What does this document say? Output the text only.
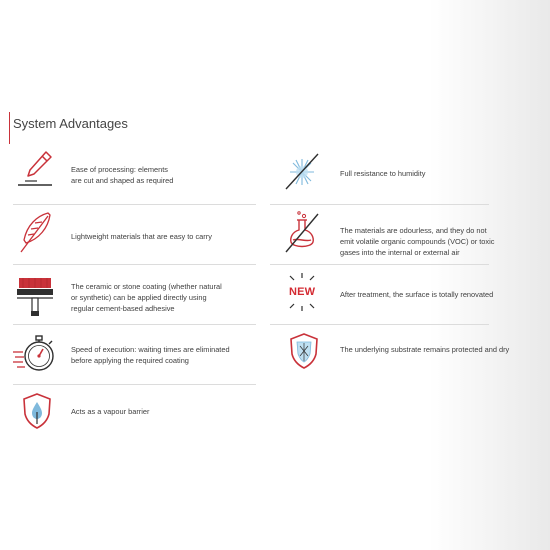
System Advantages
Ease of processing: elements
are cut and shaped as required
Full resistance to humidity
Lightweight materials that are easy to carry
The materials are odourless, and they do not
emit volatile organic compounds (VOC) or toxic
gases into the internal or external air
The ceramic or stone coating (whether natural
or synthetic) can be applied directly using
regular cement-based adhesive
NEW	After treatment, the surface is totally renovated
Speed of execution: waiting times are eliminated
before applying the required coating
The underlying substrate remains protected and dry
Acts as a vapour barrier
